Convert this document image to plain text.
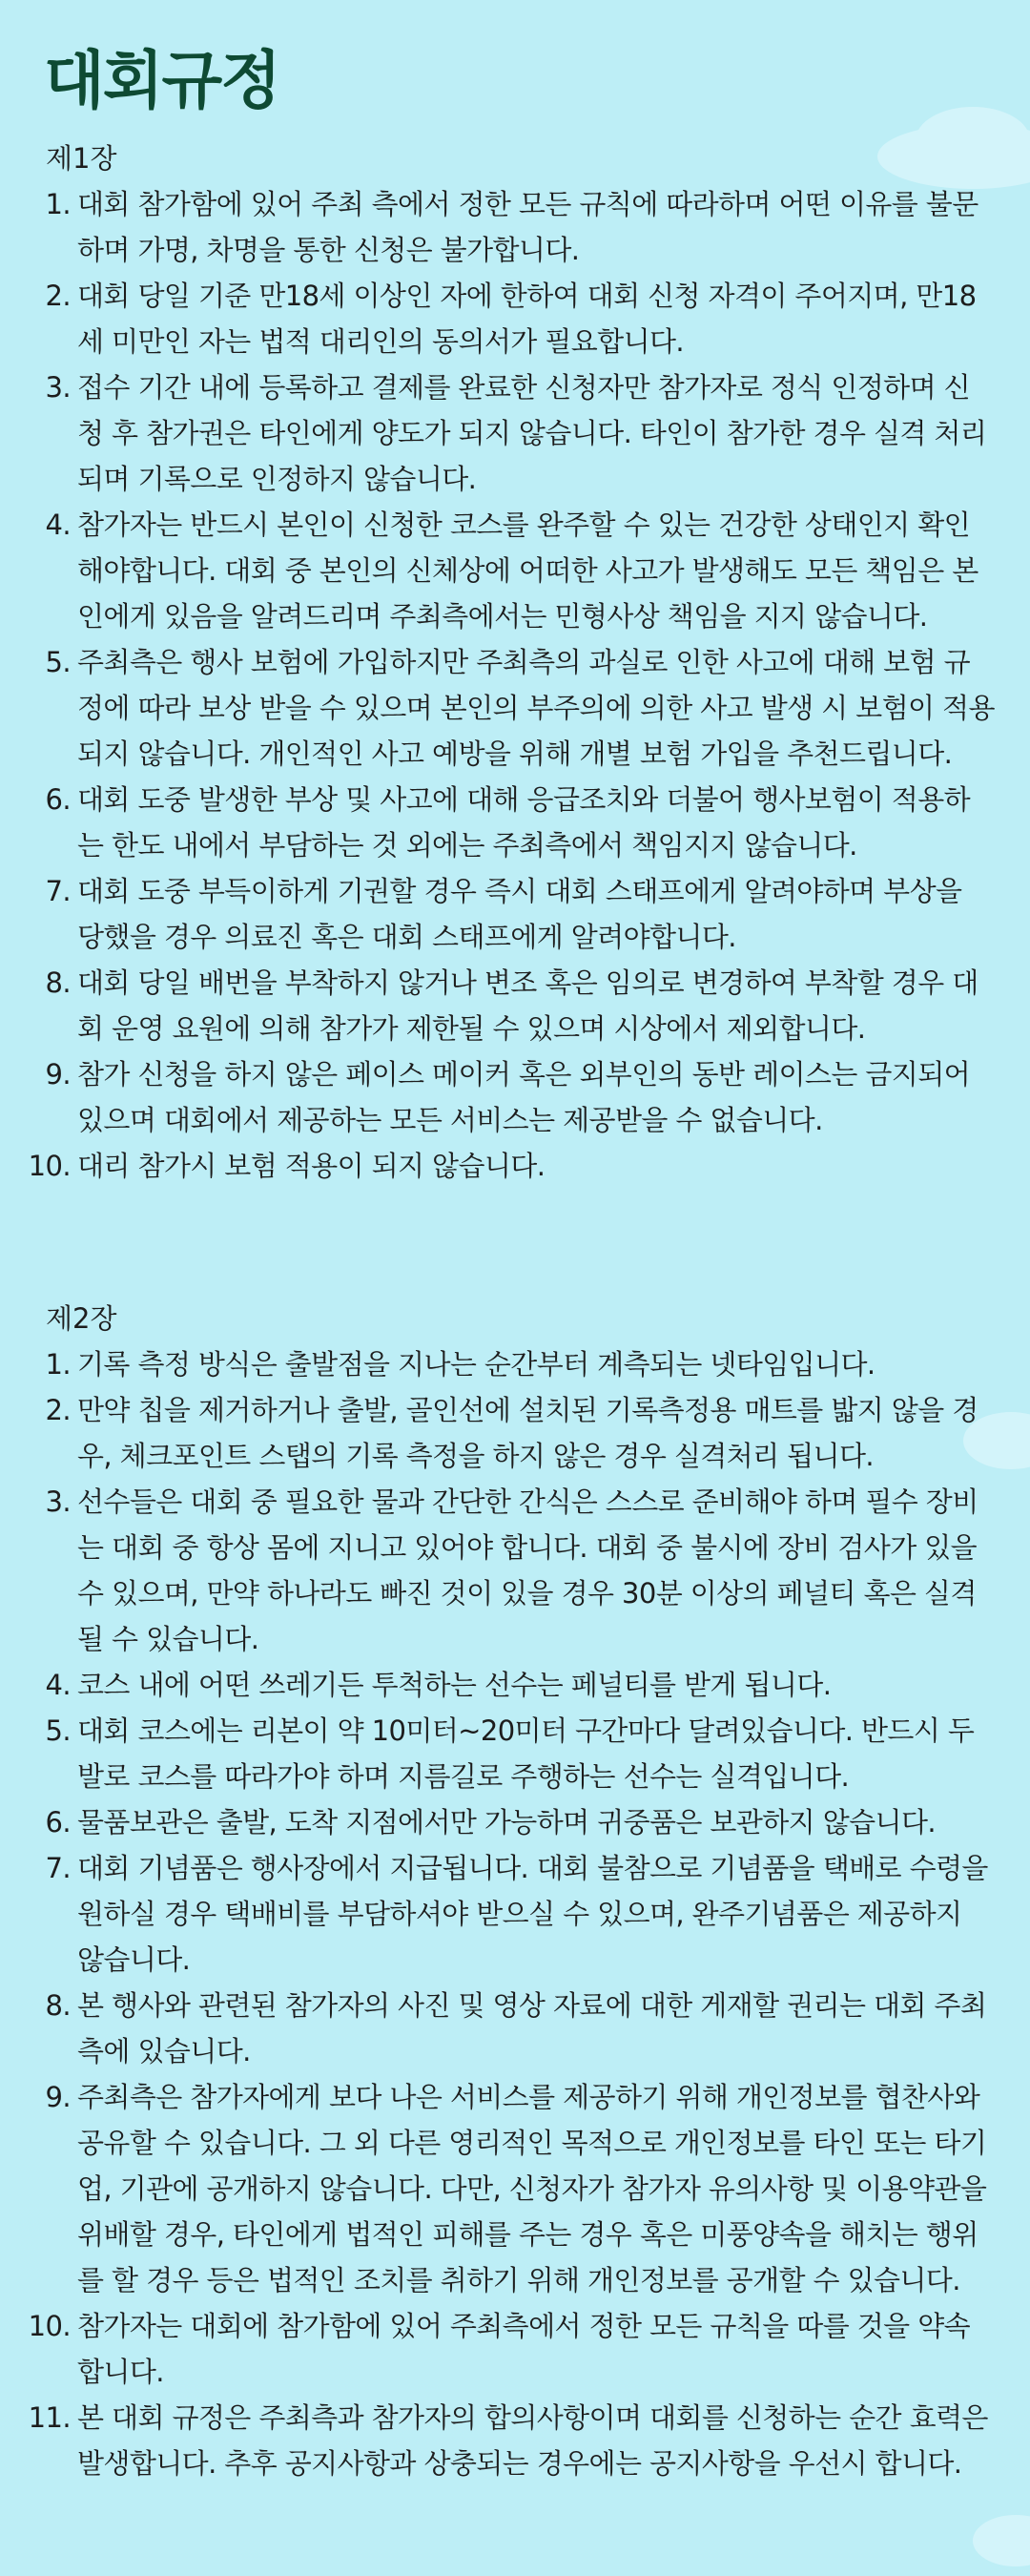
대회규정
제1장
1. 대회 참가함에 있어 주최 측에서 정한 모든 규칙에 따라하며 어떤 이유를 불문하며 가명, 차명을 통한 신청은 불가합니다.
2. 대회 당일 기준 만18세 이상인 자에 한하여 대회 신청 자격이 주어지며, 만18세 미만인 자는 법적 대리인의 동의서가 필요합니다.
3. 접수 기간 내에 등록하고 결제를 완료한 신청자만 참가자로 정식 인정하며 신청 후 참가권은 타인에게 양도가 되지 않습니다. 타인이 참가한 경우 실격 처리되며 기록으로 인정하지 않습니다.
4. 참가자는 반드시 본인이 신청한 코스를 완주할 수 있는 건강한 상태인지 확인해야합니다. 대회 중 본인의 신체상에 어떠한 사고가 발생해도 모든 책임은 본인에게 있음을 알려드리며 주최측에서는 민형사상 책임을 지지 않습니다.
5. 주최측은 행사 보험에 가입하지만 주최측의 과실로 인한 사고에 대해 보험 규정에 따라 보상 받을 수 있으며 본인의 부주의에 의한 사고 발생 시 보험이 적용되지 않습니다. 개인적인 사고 예방을 위해 개별 보험 가입을 추천드립니다.
6. 대회 도중 발생한 부상 및 사고에 대해 응급조치와 더불어 행사보험이 적용하는 한도 내에서 부담하는 것 외에는 주최측에서 책임지지 않습니다.
7. 대회 도중 부득이하게 기권할 경우 즉시 대회 스태프에게 알려야하며 부상을 당했을 경우 의료진 혹은 대회 스태프에게 알려야합니다.
8. 대회 당일 배번을 부착하지 않거나 변조 혹은 임의로 변경하여 부착할 경우 대회 운영 요원에 의해 참가가 제한될 수 있으며 시상에서 제외합니다.
9. 참가 신청을 하지 않은 페이스 메이커 혹은 외부인의 동반 레이스는 금지되어있으며 대회에서 제공하는 모든 서비스는 제공받을 수 없습니다.
10. 대리 참가시 보험 적용이 되지 않습니다.
제2장
1. 기록 측정 방식은 출발점을 지나는 순간부터 계측되는 넷타임입니다.
2. 만약 칩을 제거하거나 출발, 골인선에 설치된 기록측정용 매트를 밟지 않을 경우, 체크포인트 스탭의 기록 측정을 하지 않은 경우 실격처리 됩니다.
3. 선수들은 대회 중 필요한 물과 간단한 간식은 스스로 준비해야 하며 필수 장비는 대회 중 항상 몸에 지니고 있어야 합니다. 대회 중 불시에 장비 검사가 있을 수 있으며, 만약 하나라도 빠진 것이 있을 경우 30분 이상의 페널티 혹은 실격 될 수 있습니다.
4. 코스 내에 어떤 쓰레기든 투척하는 선수는 페널티를 받게 됩니다.
5. 대회 코스에는 리본이 약 10미터~20미터 구간마다 달려있습니다. 반드시 두 발로 코스를 따라가야 하며 지름길로 주행하는 선수는 실격입니다.
6. 물품보관은 출발, 도착 지점에서만 가능하며 귀중품은 보관하지 않습니다.
7. 대회 기념품은 행사장에서 지급됩니다. 대회 불참으로 기념품을 택배로 수령을 원하실 경우 택배비를 부담하셔야 받으실 수 있으며, 완주기념품은 제공하지 않습니다.
8. 본 행사와 관련된 참가자의 사진 및 영상 자료에 대한 게재할 권리는 대회 주최측에 있습니다.
9. 주최측은 참가자에게 보다 나은 서비스를 제공하기 위해 개인정보를 협찬사와 공유할 수 있습니다. 그 외 다른 영리적인 목적으로 개인정보를 타인 또는 타기업, 기관에 공개하지 않습니다. 다만, 신청자가 참가자 유의사항 및 이용약관을 위배할 경우, 타인에게 법적인 피해를 주는 경우 혹은 미풍양속을 해치는 행위를 할 경우 등은 법적인 조치를 취하기 위해 개인정보를 공개할 수 있습니다.
10. 참가자는 대회에 참가함에 있어 주최측에서 정한 모든 규칙을 따를 것을 약속합니다.
11. 본 대회 규정은 주최측과 참가자의 합의사항이며 대회를 신청하는 순간 효력은 발생합니다. 추후 공지사항과 상충되는 경우에는 공지사항을 우선시 합니다.
